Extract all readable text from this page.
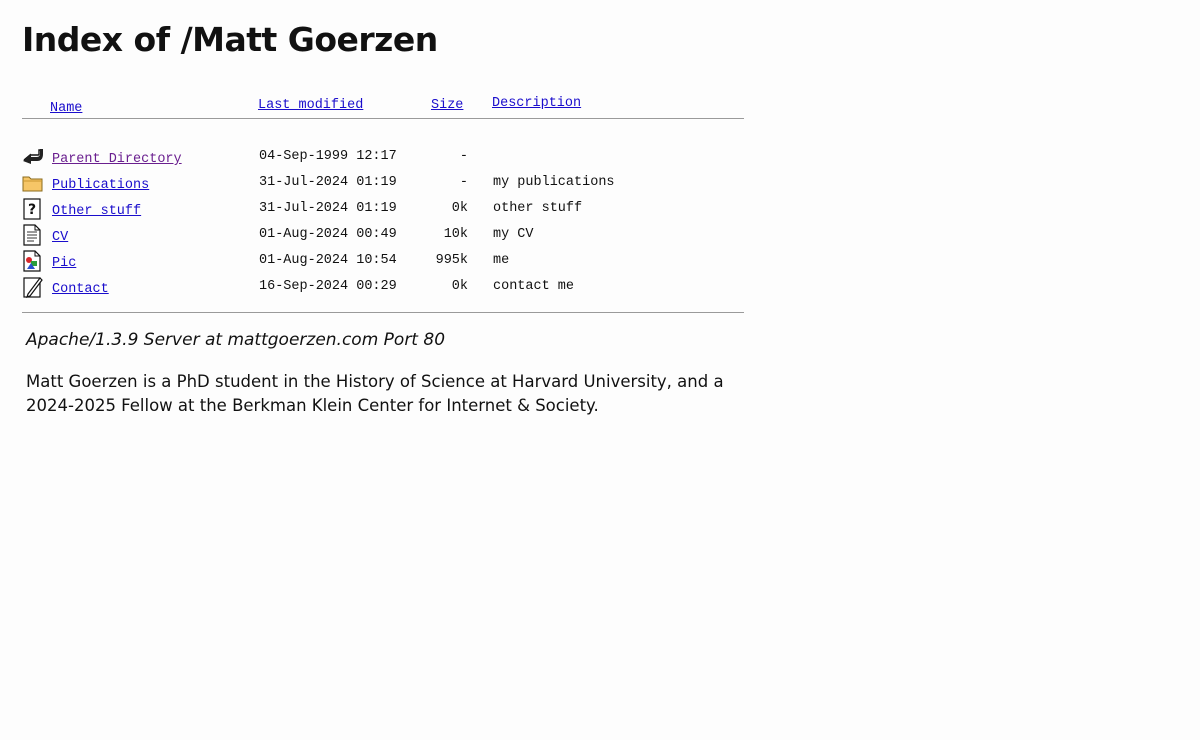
Index of /Matt Goerzen
Name	Last modified	Size Description
Parent Directory	04-Sep-1999 12:17	-
Publications	31-Jul-2024 01:19	- my publications
? Other stuff	31-Jul-2024 01:19	0k other stuff
CV	01-Aug-2024 00:49	10k my CV
Pic	01-Aug-2024 10:54	995k me
Contact	16-Sep-2024 00:29	0k contact me
Apache/1.3.9 Server at mattgoerzen.com Port 80

Matt Goerzen is a PhD student in the History of Science at Harvard University, and a 2024-2025 Fellow at the Berkman Klein Center for Internet & Society.
